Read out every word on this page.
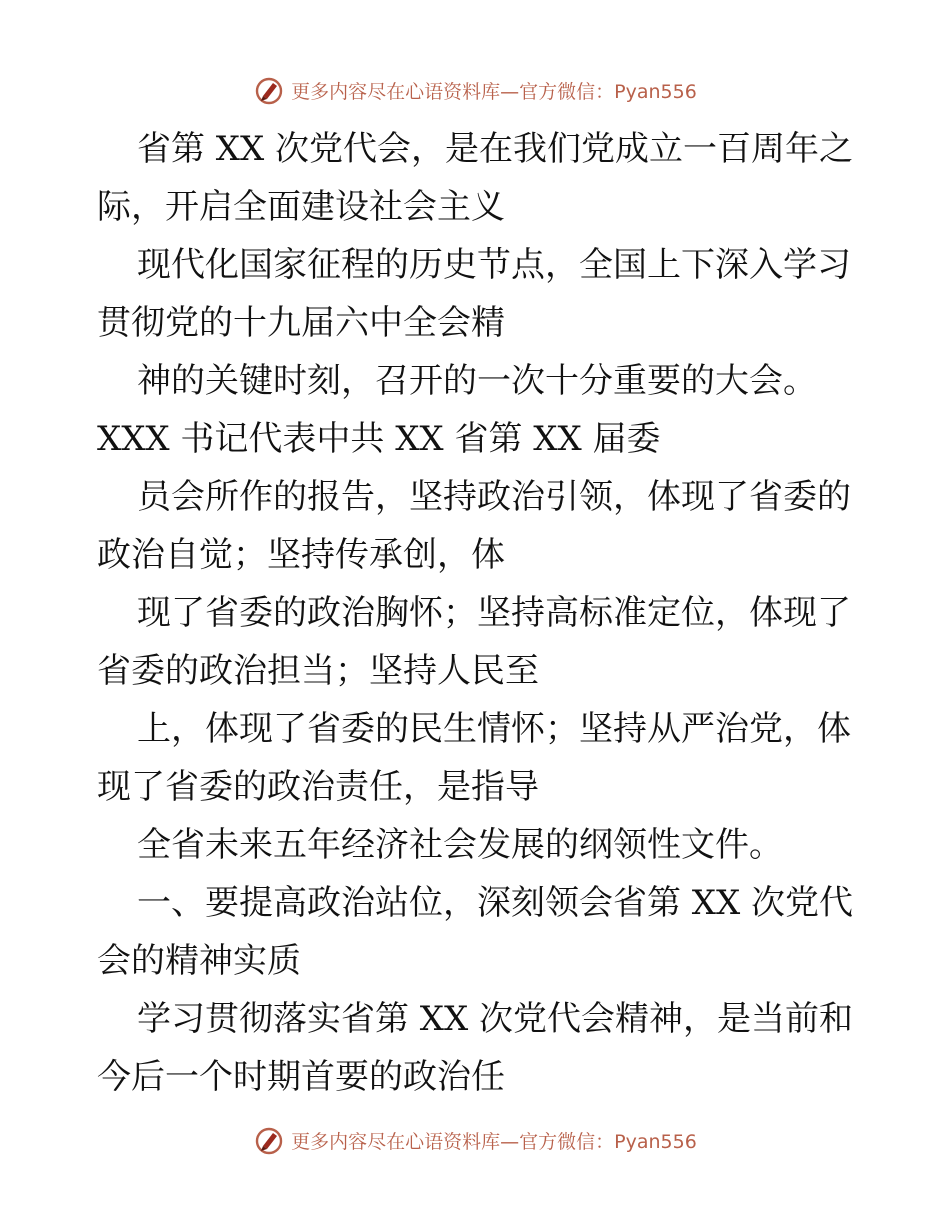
更多内容尽在心语资料库—官方微信：Pyan556
省第 XX 次党代会，是在我们党成立一百周年之
际，开启全面建设社会主义
现代化国家征程的历史节点，全国上下深入学习
贯彻党的十九届六中全会精
神的关键时刻，召开的一次十分重要的大会。
XXX 书记代表中共 XX 省第 XX 届委
员会所作的报告，坚持政治引领，体现了省委的
政治自觉；坚持传承创，体
现了省委的政治胸怀；坚持高标准定位，体现了
省委的政治担当；坚持人民至
上，体现了省委的民生情怀；坚持从严治党，体
现了省委的政治责任，是指导
全省未来五年经济社会发展的纲领性文件。
一、要提高政治站位，深刻领会省第 XX 次党代
会的精神实质
学习贯彻落实省第 XX 次党代会精神，是当前和
今后一个时期首要的政治任
更多内容尽在心语资料库—官方微信：Pyan556
